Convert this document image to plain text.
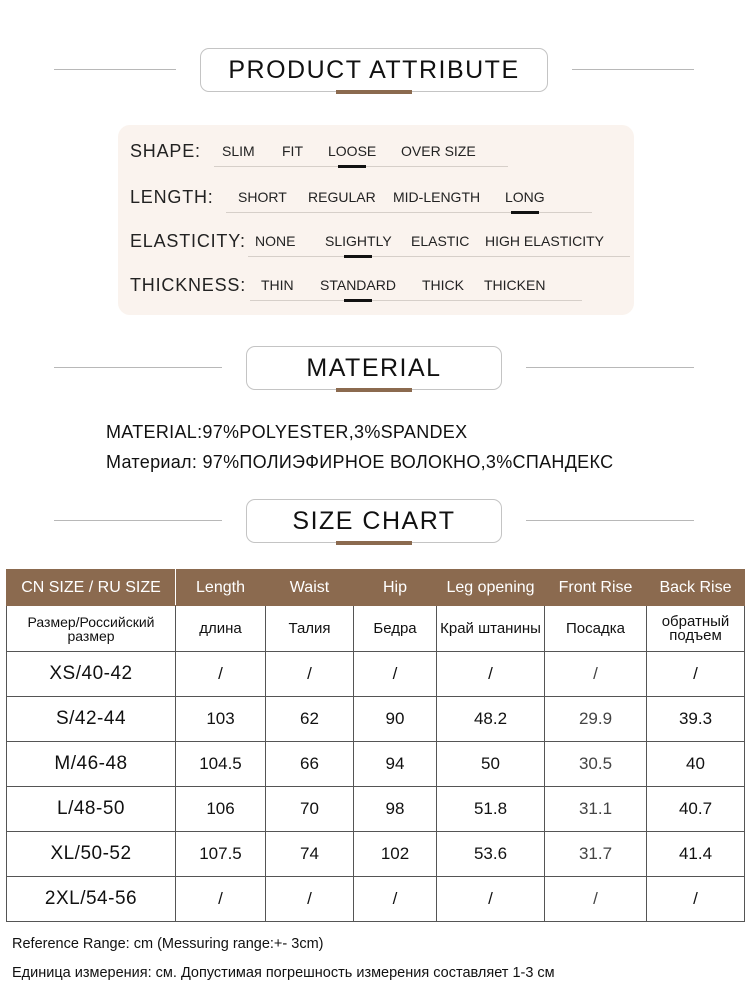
PRODUCT ATTRIBUTE
SHAPE: SLIM FIT LOOSE OVER SIZE
LENGTH: SHORT REGULAR MID-LENGTH LONG
ELASTICITY: NONE SLIGHTLY ELASTIC HIGH ELASTICITY
THICKNESS: THIN STANDARD THICK THICKEN
MATERIAL
MATERIAL:97%POLYESTER,3%SPANDEX
Материал: 97%ПОЛИЭФИРНОЕ ВОЛОКНО,3%СПАНДЕКС
SIZE CHART
CN SIZE / RU SIZE	Length	Waist	Hip	Leg opening	Front Rise	Back Rise
Размер/Российский размер	длина	Талия	Бедра	Край штанины	Посадка	обратный подъем
XS/40-42	/	/	/	/	/	/
S/42-44	103	62	90	48.2	29.9	39.3
M/46-48	104.5	66	94	50	30.5	40
L/48-50	106	70	98	51.8	31.1	40.7
XL/50-52	107.5	74	102	53.6	31.7	41.4
2XL/54-56	/	/	/	/	/	/
Reference Range: cm (Messuring range:+- 3cm)
Единица измерения: см. Допустимая погрешность измерения составляет 1-3 см
